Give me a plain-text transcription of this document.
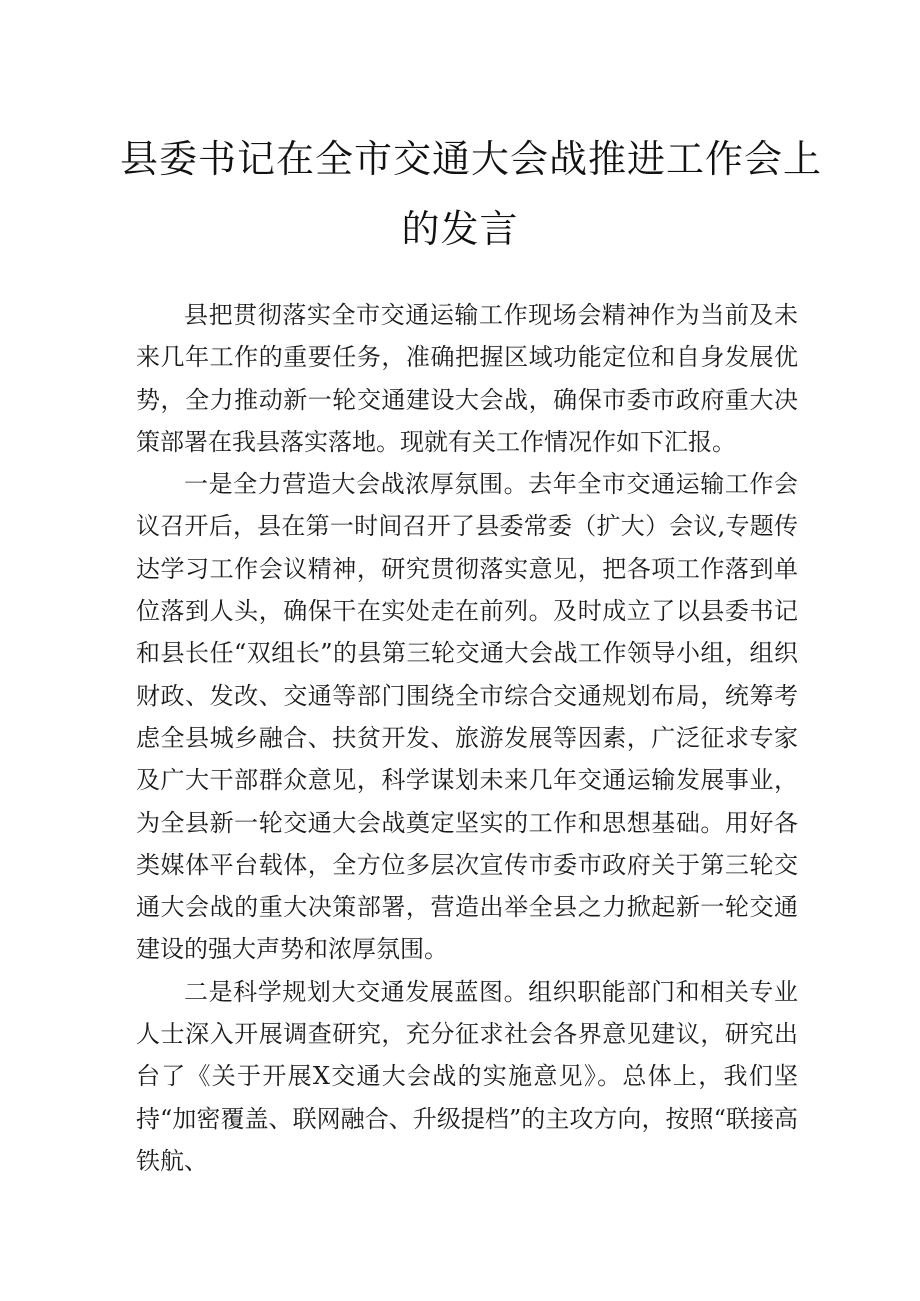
县委书记在全市交通大会战推进工作会上
的发言

县把贯彻落实全市交通运输工作现场会精神作为当前及未来几年工作的重要任务，准确把握区域功能定位和自身发展优势，全力推动新一轮交通建设大会战，确保市委市政府重大决策部署在我县落实落地。现就有关工作情况作如下汇报。

一是全力营造大会战浓厚氛围。去年全市交通运输工作会议召开后，县在第一时间召开了县委常委（扩大）会议,专题传达学习工作会议精神，研究贯彻落实意见，把各项工作落到单位落到人头，确保干在实处走在前列。及时成立了以县委书记和县长任“双组长”的县第三轮交通大会战工作领导小组，组织财政、发改、交通等部门围绕全市综合交通规划布局，统筹考虑全县城乡融合、扶贫开发、旅游发展等因素，广泛征求专家及广大干部群众意见，科学谋划未来几年交通运输发展事业，为全县新一轮交通大会战奠定坚实的工作和思想基础。用好各类媒体平台载体，全方位多层次宣传市委市政府关于第三轮交通大会战的重大决策部署，营造出举全县之力掀起新一轮交通建设的强大声势和浓厚氛围。

二是科学规划大交通发展蓝图。组织职能部门和相关专业人士深入开展调查研究，充分征求社会各界意见建议，研究出台了《关于开展X交通大会战的实施意见》。总体上，我们坚持“加密覆盖、联网融合、升级提档”的主攻方向，按照“联接高铁航、
